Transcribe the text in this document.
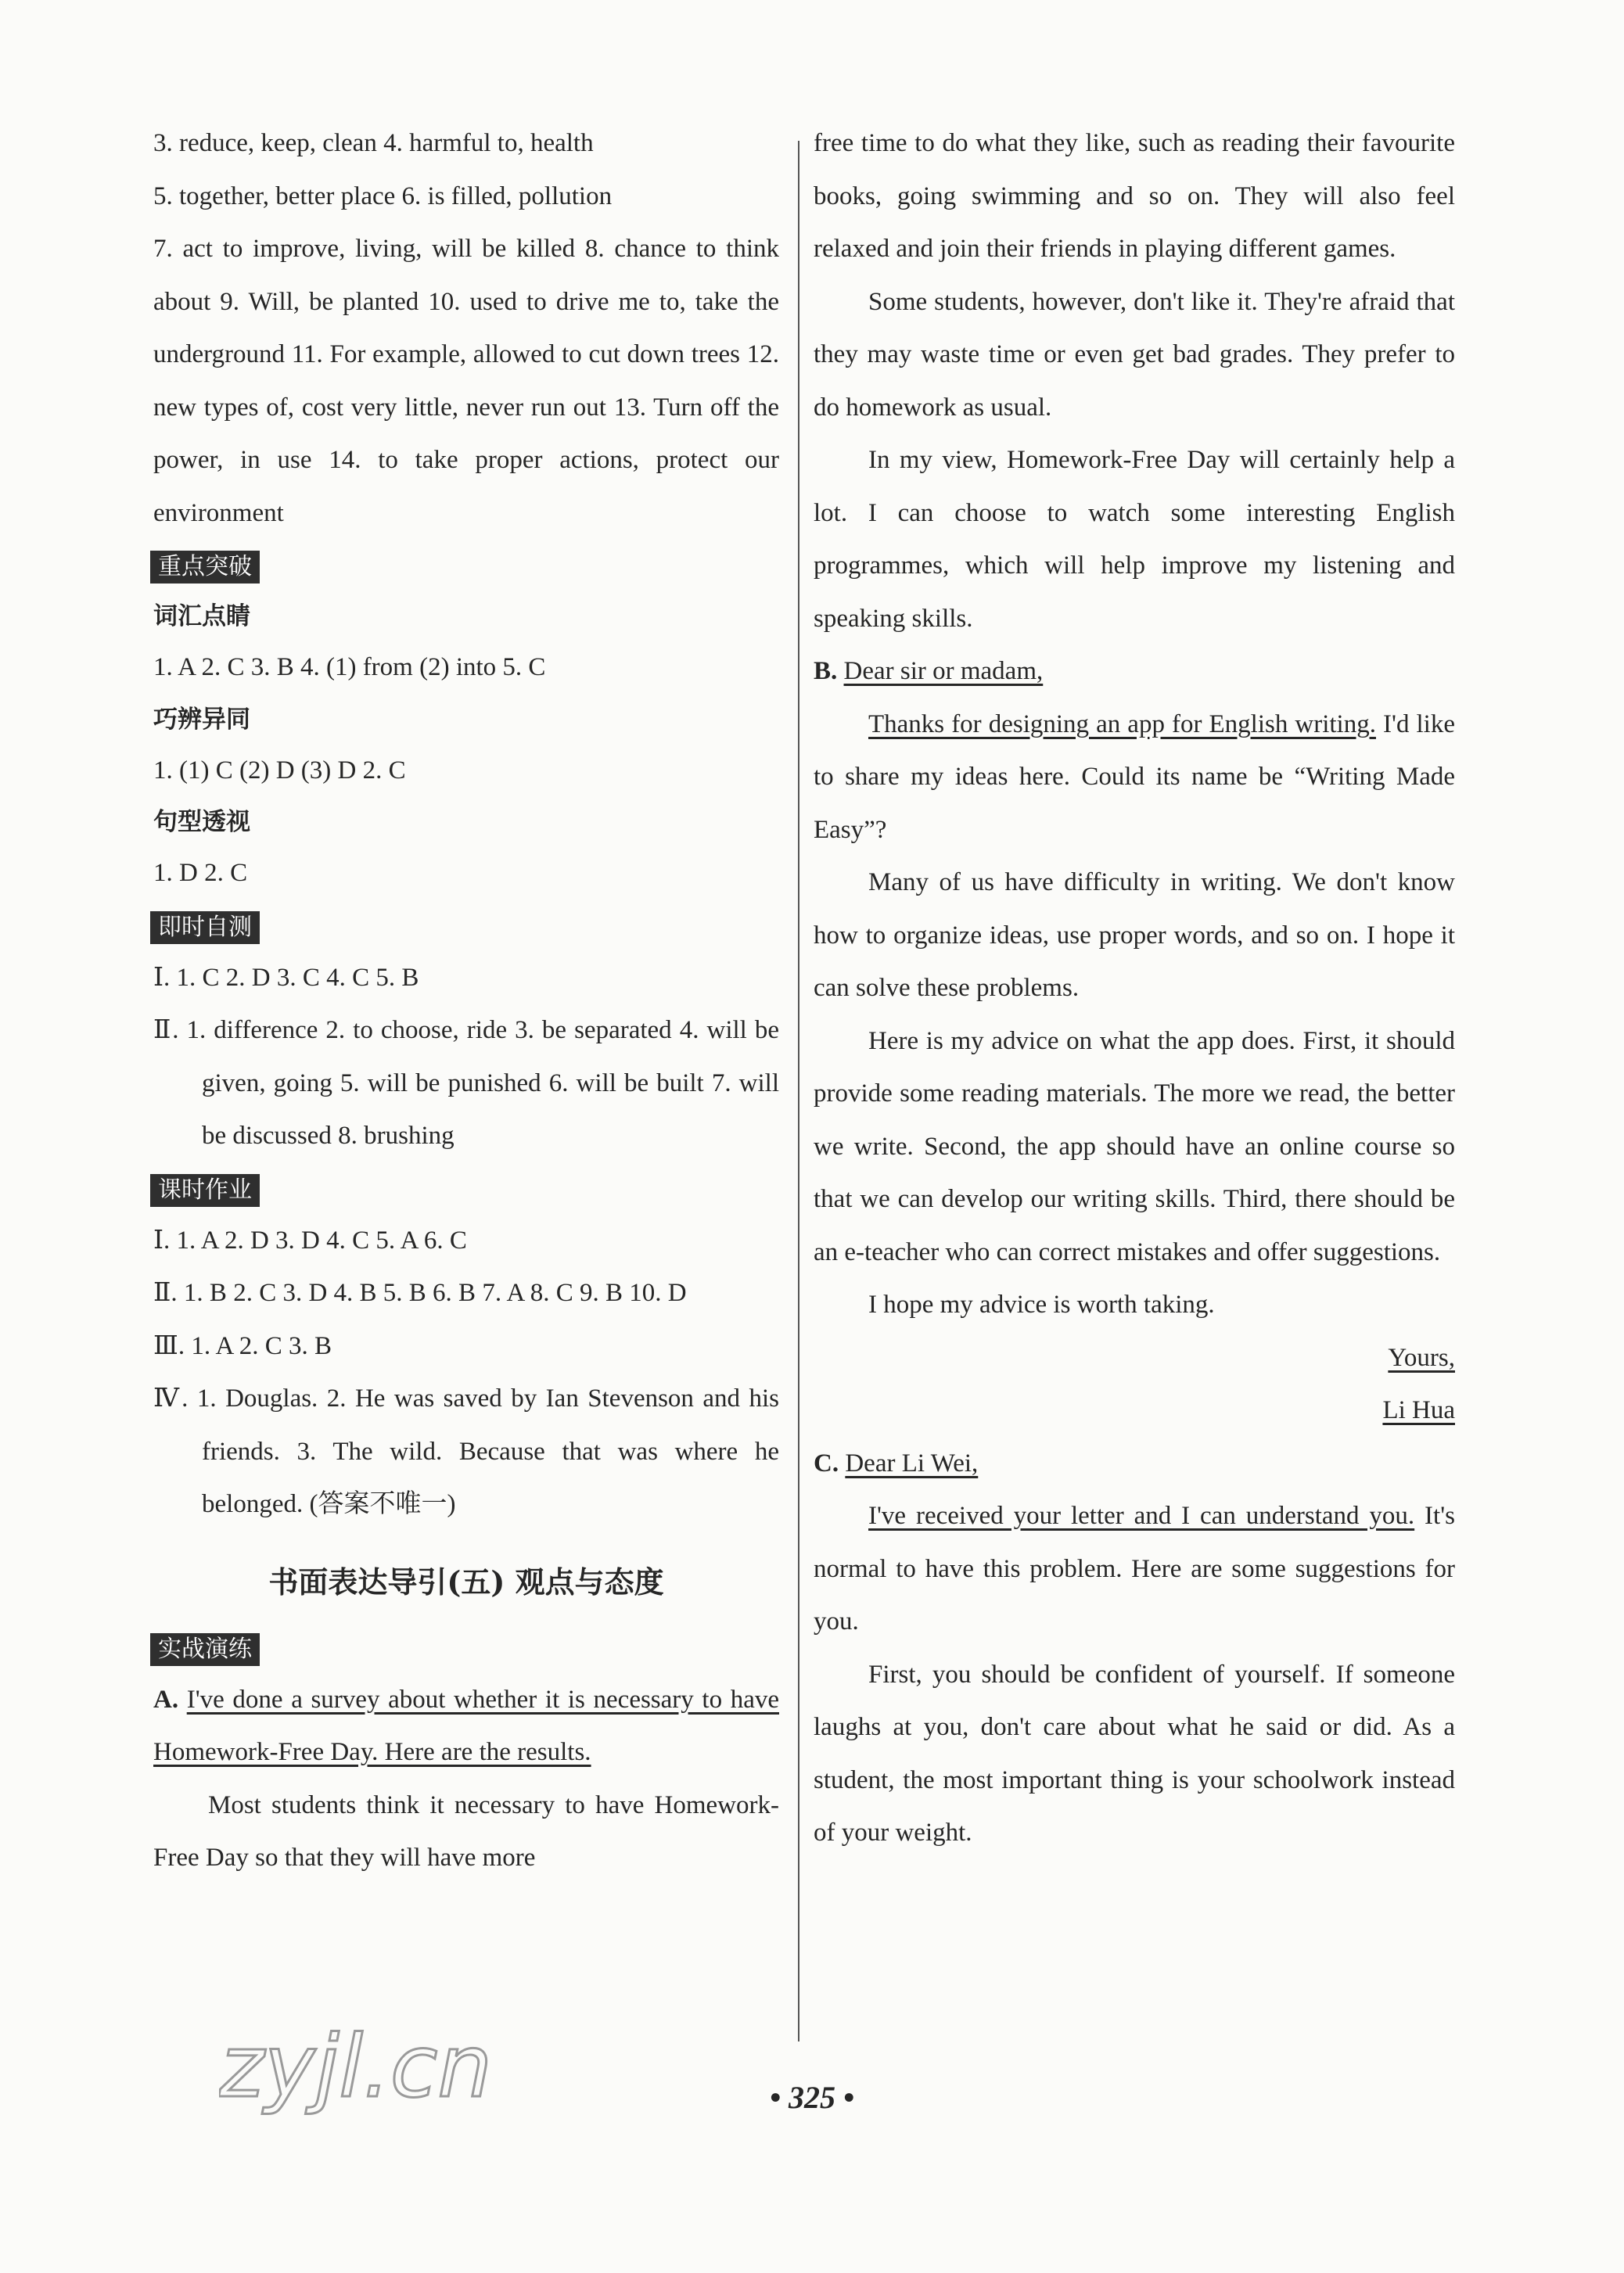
3. reduce, keep, clean 4. harmful to, health

5. together, better place 6. is filled, pollution

7. act to improve, living, will be killed 8. chance to think about 9. Will, be planted 10. used to drive me to, take the underground 11. For example, allowed to cut down trees 12. new types of, cost very little, never run out 13. Turn off the power, in use 14. to take proper actions, protect our environment

重点突破
词汇点睛

1. A 2. C 3. B 4. (1) from (2) into 5. C

巧辨异同

1. (1) C (2) D (3) D 2. C

句型透视

1. D 2. C

即时自测

Ⅰ. 1. C 2. D 3. C 4. C 5. B

Ⅱ. 1. difference 2. to choose, ride 3. be separated 4. will be given, going 5. will be punished 6. will be built 7. will be discussed 8. brushing

课时作业

Ⅰ. 1. A 2. D 3. D 4. C 5. A 6. C

Ⅱ. 1. B 2. C 3. D 4. B 5. B 6. B 7. A 8. C 9. B 10. D

Ⅲ. 1. A 2. C 3. B

Ⅳ. 1. Douglas. 2. He was saved by Ian Stevenson and his friends. 3. The wild. Because that was where he belonged. (答案不唯一)

书面表达导引(五) 观点与态度
实战演练

A. I've done a survey about whether it is necessary to have Homework-Free Day. Here are the results.

Most students think it necessary to have Homework-Free Day so that they will have more

free time to do what they like, such as reading their favourite books, going swimming and so on. They will also feel relaxed and join their friends in playing different games.

Some students, however, don't like it. They're afraid that they may waste time or even get bad grades. They prefer to do homework as usual.

In my view, Homework-Free Day will certainly help a lot. I can choose to watch some interesting English programmes, which will help improve my listening and speaking skills.

B. Dear sir or madam,

Thanks for designing an app for English writing. I'd like to share my ideas here. Could its name be “Writing Made Easy”?

Many of us have difficulty in writing. We don't know how to organize ideas, use proper words, and so on. I hope it can solve these problems.

Here is my advice on what the app does. First, it should provide some reading materials. The more we read, the better we write. Second, the app should have an online course so that we can develop our writing skills. Third, there should be an e-teacher who can correct mistakes and offer suggestions.

I hope my advice is worth taking.

Yours,

Li Hua

C. Dear Li Wei,

I've received your letter and I can understand you. It's normal to have this problem. Here are some suggestions for you.

First, you should be confident of yourself. If someone laughs at you, don't care about what he said or did. As a student, the most important thing is your schoolwork instead of your weight.

zyjl.cn	• 325 •
